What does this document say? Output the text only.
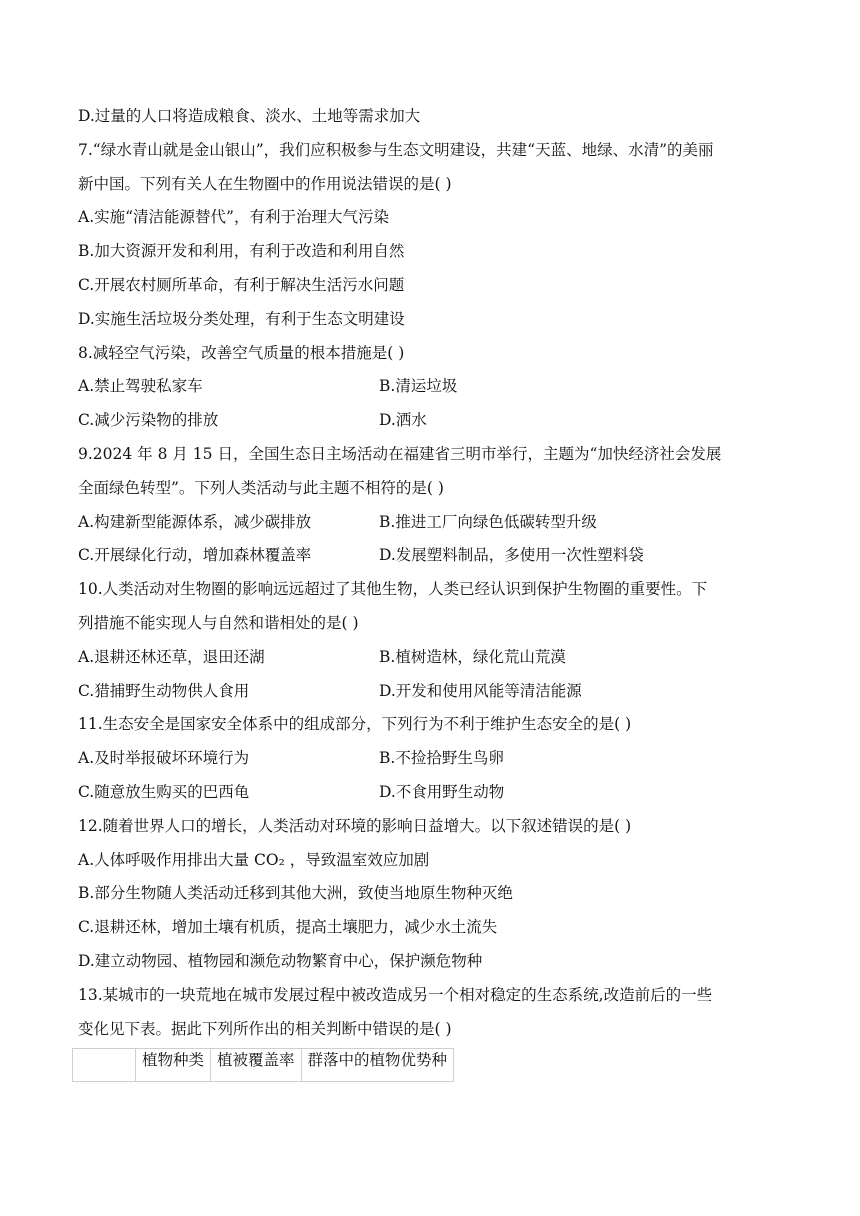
D.过量的人口将造成粮食、淡水、土地等需求加大
7.“绿水青山就是金山银山”，我们应积极参与生态文明建设，共建“天蓝、地绿、水清”的美丽
新中国。下列有关人在生物圈中的作用说法错误的是( )
A.实施“清洁能源替代”，有利于治理大气污染
B.加大资源开发和利用，有利于改造和利用自然
C.开展农村厕所革命，有利于解决生活污水问题
D.实施生活垃圾分类处理，有利于生态文明建设
8.减轻空气污染，改善空气质量的根本措施是( )
A.禁止驾驶私家车	B.清运垃圾
C.减少污染物的排放	D.洒水
9.2024 年 8 月 15 日，全国生态日主场活动在福建省三明市举行，主题为“加快经济社会发展
全面绿色转型”。下列人类活动与此主题不相符的是( )
A.构建新型能源体系，减少碳排放	B.推进工厂向绿色低碳转型升级
C.开展绿化行动，增加森林覆盖率	D.发展塑料制品，多使用一次性塑料袋
10.人类活动对生物圈的影响远远超过了其他生物，人类已经认识到保护生物圈的重要性。下
列措施不能实现人与自然和谐相处的是( )
A.退耕还林还草，退田还湖	B.植树造林，绿化荒山荒漠
C.猎捕野生动物供人食用	D.开发和使用风能等清洁能源
11.生态安全是国家安全体系中的组成部分，下列行为不利于维护生态安全的是( )
A.及时举报破坏环境行为	B.不捡拾野生鸟卵
C.随意放生购买的巴西龟	D.不食用野生动物
12.随着世界人口的增长，人类活动对环境的影响日益增大。以下叙述错误的是( )
A.人体呼吸作用排出大量 CO₂ ，导致温室效应加剧
B.部分生物随人类活动迁移到其他大洲，致使当地原生物种灭绝
C.退耕还林，增加土壤有机质，提高土壤肥力，减少水土流失
D.建立动物园、植物园和濒危动物繁育中心，保护濒危物种
13.某城市的一块荒地在城市发展过程中被改造成另一个相对稳定的生态系统,改造前后的一些
变化见下表。据此下列所作出的相关判断中错误的是( )
	植物种类	植被覆盖率	群落中的植物优势种
